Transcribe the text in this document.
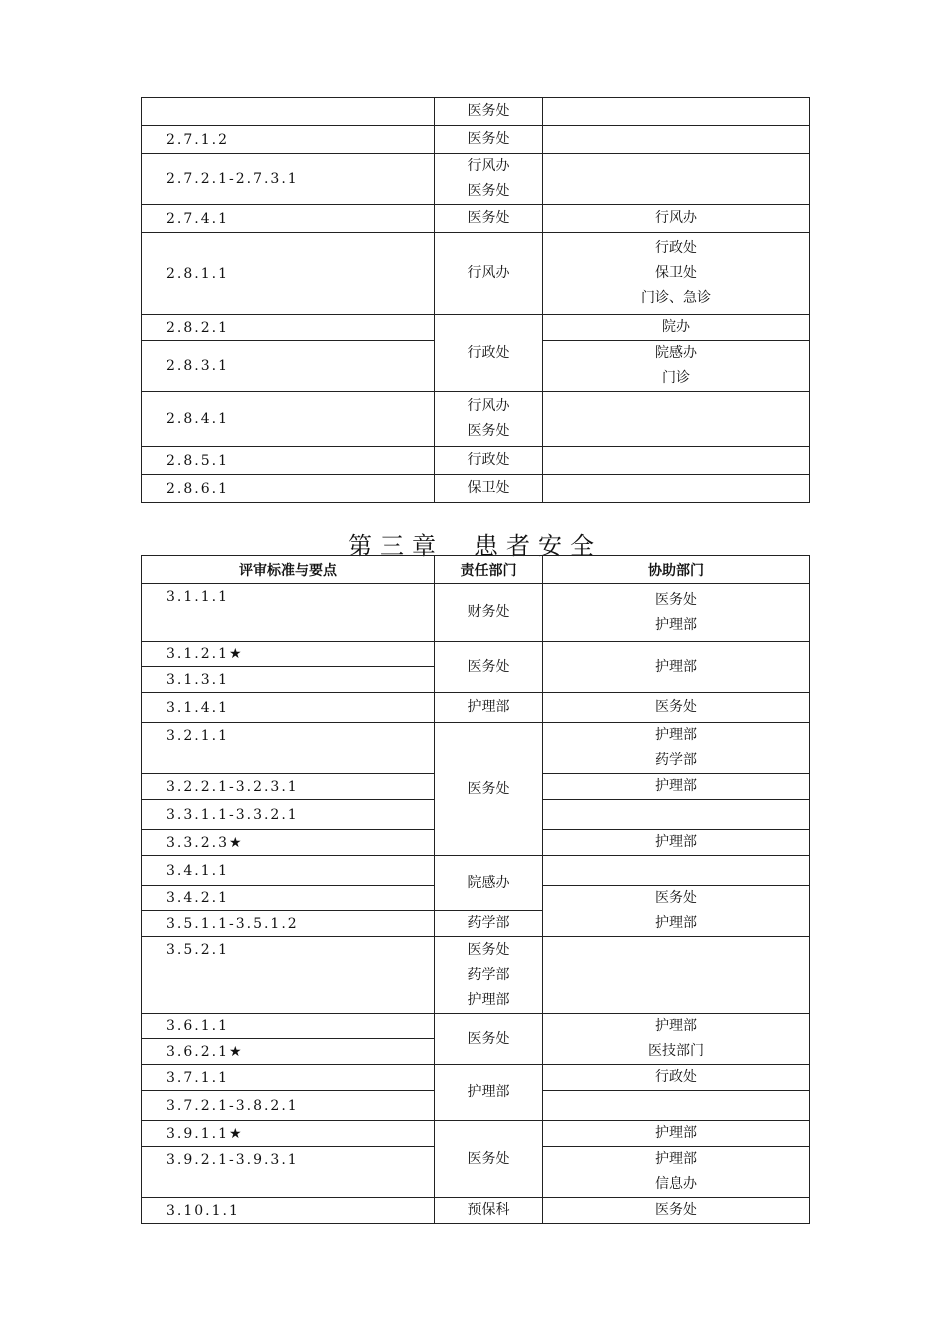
	医务处	
2.7.1.2	医务处	
2.7.2.1-2.7.3.1	行风办
医务处	

2.7.4.1	医务处	行风办
2.8.1.1	行风办	行政处
保卫处
门诊、急诊

2.8.2.1	行政处	院办
2.8.3.1		院感办
门诊

2.8.4.1	行风办
医务处	

2.8.5.1	行政处	
2.8.6.1	保卫处	
第三章 患者安全
评审标准与要点	责任部门	协助部门
3.1.1.1	财务处	医务处
护理部

3.1.2.1★	医务处	护理部
3.1.3.1		
3.1.4.1	护理部	医务处
3.2.1.1	医务处	护理部
药学部

3.2.2.1-3.2.3.1		护理部
3.3.1.1-3.3.2.1		
3.3.2.3★		护理部
3.4.1.1	院感办	
3.4.2.1		医务处
护理部

3.5.1.1-3.5.1.2	药学部	
3.5.2.1	医务处
药学部
护理部	

3.6.1.1	医务处	护理部
医技部门

3.6.2.1★		
3.7.1.1	护理部	行政处
3.7.2.1-3.8.2.1		
3.9.1.1★	医务处	护理部
3.9.2.1-3.9.3.1		护理部
信息办

3.10.1.1	预保科	医务处
